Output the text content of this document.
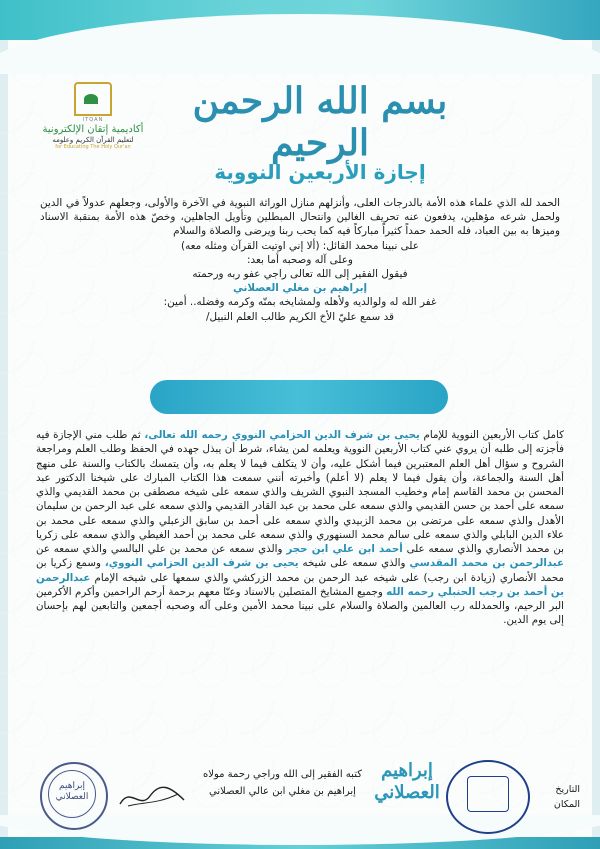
ITQAN
أكاديمية إتقان الإلكترونية
لتعليم القرآن الكريم وعلومه
for Educating The Holy Qur'an
بسم الله الرحمن الرحيم
إجازة الأربعين النووية
الحمد لله الذي علماء هذه الأمة بالدرجات العلى، وأنزلهم منازل الوراثة النبوية في الآخرة والأولى، وجعلهم عدولاً في الدين ولحمل شرعه مؤهلين، يدفعون عنه تحريف الغالين وانتحال المبطلين وتأويل الجاهلين، وخصّ هذه الأمة بمنقبة الاسناد وميزها به بين العباد، فله الحمد حمداً كثيراً مباركاً فيه كما يحب ربنا ويرضى والصلاة والسلام
على نبينا محمد القائل: (ألا إني اوتيت القرآن ومثله معه)
وعلى آله وصحبه أما بعد:
فيقول الفقير إلى الله تعالى راجي عفو ربه ورحمته
إبراهيم بن مغلي العصلاني
غفر الله له ولوالديه ولأهله ولمشايخه بمنّه وكرمه وفضله.. أمين:
قد سمع عليّ الأخ الكريم طالب العلم النبيل/
كامل كتاب الأربعين النووية للإمام يحيى بن شرف الدين الحزامي النووي رحمه الله تعالى، ثم طلب مني الإجازة فيه فأجزته إلى طلبه أن يروي عني كتاب الأربعين النووية ويعلمه لمن يشاء، شرط أن يبذل جهده في الحفظ وطلب العلم ومراجعة الشروح و سؤال أهل العلم المعتبرين فيما أشكل عليه، وأن لا يتكلف فيما لا يعلم به، وأن يتمسك بالكتاب والسنة على منهج أهل السنة والجماعة، وأن يقول فيما لا يعلم (لا أعلم) وأخبرته أنني سمعت هذا الكتاب المبارك على شيخنا الدكتور عبد المحسن بن محمد القاسم إمام وخطيب المسجد النبوي الشريف والذي سمعه على شيخه مصطفى بن محمد القديمي والذي سمعه على أحمد بن حسن القديمي والذي سمعه على محمد بن عبد القادر القديمي والذي سمعه على عبد الرحمن بن سليمان الأهدل والذي سمعه على مرتضى بن محمد الزبيدي والذي سمعه على أحمد بن سابق الزعبلي والذي سمعه على محمد بن علاء الدين البابلي والذي سمعه على سالم محمد السنهوري والذي سمعه على محمد بن أحمد الغيطي والذي سمعه على زكريا بن محمد الأنصاري والذي سمعه على أحمد ابن علي ابن حجر والذي سمعه عن محمد بن علي البالسي والذي سمعه عن عبدالرحمن بن محمد المقدسي والذي سمعه على شيخه يحيى بن شرف الدين الحزامي النووي، وسمع زكريا بن محمد الأنصاري (زيادة ابن رجب) على شيخه عبد الرحمن بن محمد الزركشي والذي سمعها على شيخه الإمام عبدالرحمن بن أحمد بن رجب الحنبلي رحمه الله وجميع المشايخ المتصلين بالاسناد وعنّا معهم برحمة أرحم الراحمين وأكرم الأكرمين البر الرحيم، والحمدلله رب العالمين والصلاة والسلام على نبينا محمد الأمين وعلى آله وصحبه أجمعين والتابعين لهم بإحسان إلى يوم الدين.
إبراهيم العصلاني
كتبه الفقير إلى الله وراجي رحمة مولاه
إبراهيم بن مغلي ابن عالي العصلاني
إبراهيم العصلاني	التاريخ
المكان
